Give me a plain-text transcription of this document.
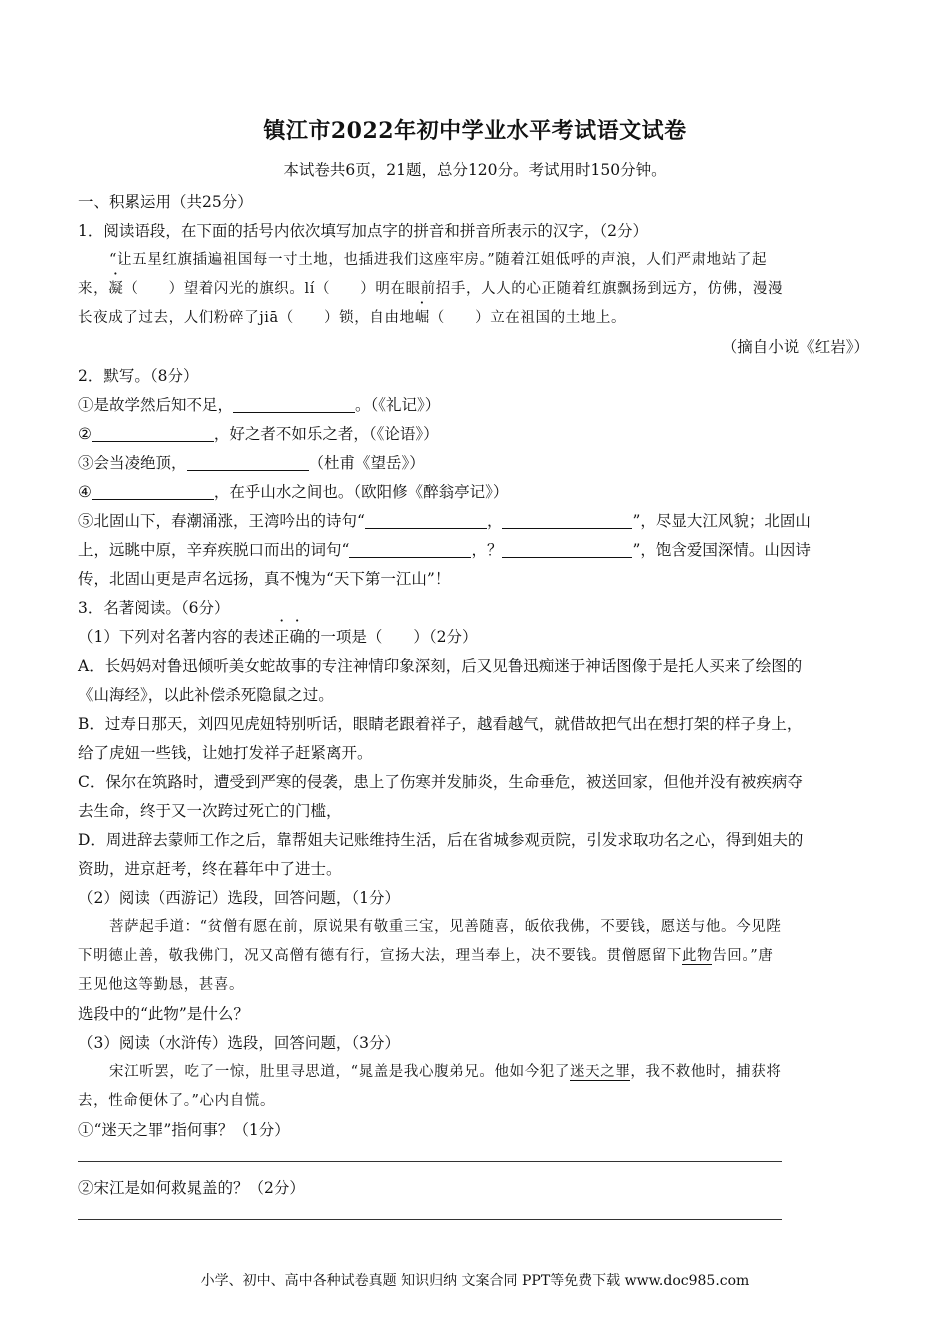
镇江市2022年初中学业水平考试语文试卷
本试卷共6页，21题，总分120分。考试用时150分钟。

一、积累运用（共25分）

1．阅读语段，在下面的括号内依次填写加点字的拼音和拼音所表示的汉字，（2分）

“让五星红旗插遍祖国每一寸土地，也插进我们这座牢房。”随着江姐低呼的声浪，人们严肃地站了起

来，凝（　　）望着闪光的旗织。lí（　　）明在眼前招手，人人的心正随着红旗飘扬到远方，仿佛，漫漫

长夜成了过去，人们粉碎了jiā（　　）锁，自由地崛（　　）立在祖国的土地上。

（摘自小说《红岩》）

2．默写。（8分）

①是故学然后知不足，	。（《礼记》）

②	，好之者不如乐之者，（《论语》）

③会当凌绝顶，	（杜甫《望岳》）

④	，在乎山水之间也。（欧阳修《醉翁亭记》）

⑤北固山下，春潮涌涨，王湾吟出的诗句“	，	”，尽显大江风貌；北固山

上，远眺中原，辛弃疾脱口而出的词句“	，？	”，饱含爱国深情。山因诗

传，北固山更是声名远扬，真不愧为“天下第一江山”！

3．名著阅读。（6分）

（1）下列对名著内容的表述正确的一项是（　　）（2分）

A．长妈妈对鲁迅倾听美女蛇故事的专注神情印象深刻，后又见鲁迅痴迷于神话图像于是托人买来了绘图的

《山海经》，以此补偿杀死隐鼠之过。

B．过寿日那天，刘四见虎妞特别听话，眼睛老跟着祥子，越看越气，就借故把气出在想打架的样子身上，

给了虎妞一些钱，让她打发祥子赶紧离开。

C．保尔在筑路时，遭受到严寒的侵袭，患上了伤寒并发肺炎，生命垂危，被送回家，但他并没有被疾病夺

去生命，终于又一次跨过死亡的门槛，

D．周进辞去蒙师工作之后，靠帮姐夫记账维持生活，后在省城参观贡院，引发求取功名之心，得到姐夫的

资助，进京赶考，终在暮年中了进士。

（2）阅读（西游记）选段，回答问题，（1分）

菩萨起手道：“贫僧有愿在前，原说果有敬重三宝，见善随喜，皈依我佛，不要钱，愿送与他。今见陛

下明德止善，敬我佛门，况又高僧有德有行，宣扬大法，理当奉上，决不要钱。贯僧愿留下此物告回。”唐

王见他这等勤恳，甚喜。

选段中的“此物”是什么？

（3）阅读（水浒传）选段，回答问题，（3分）

宋江听罢，吃了一惊，肚里寻思道，“晁盖是我心腹弟兄。他如今犯了迷天之罪，我不救他时，捕获将

去，性命便休了。”心内自慌。

①“迷天之罪”指何事？（1分）

②宋江是如何救晁盖的？（2分）

小学、初中、高中各种试卷真题 知识归纳 文案合同 PPT等免费下载 www.doc985.com
